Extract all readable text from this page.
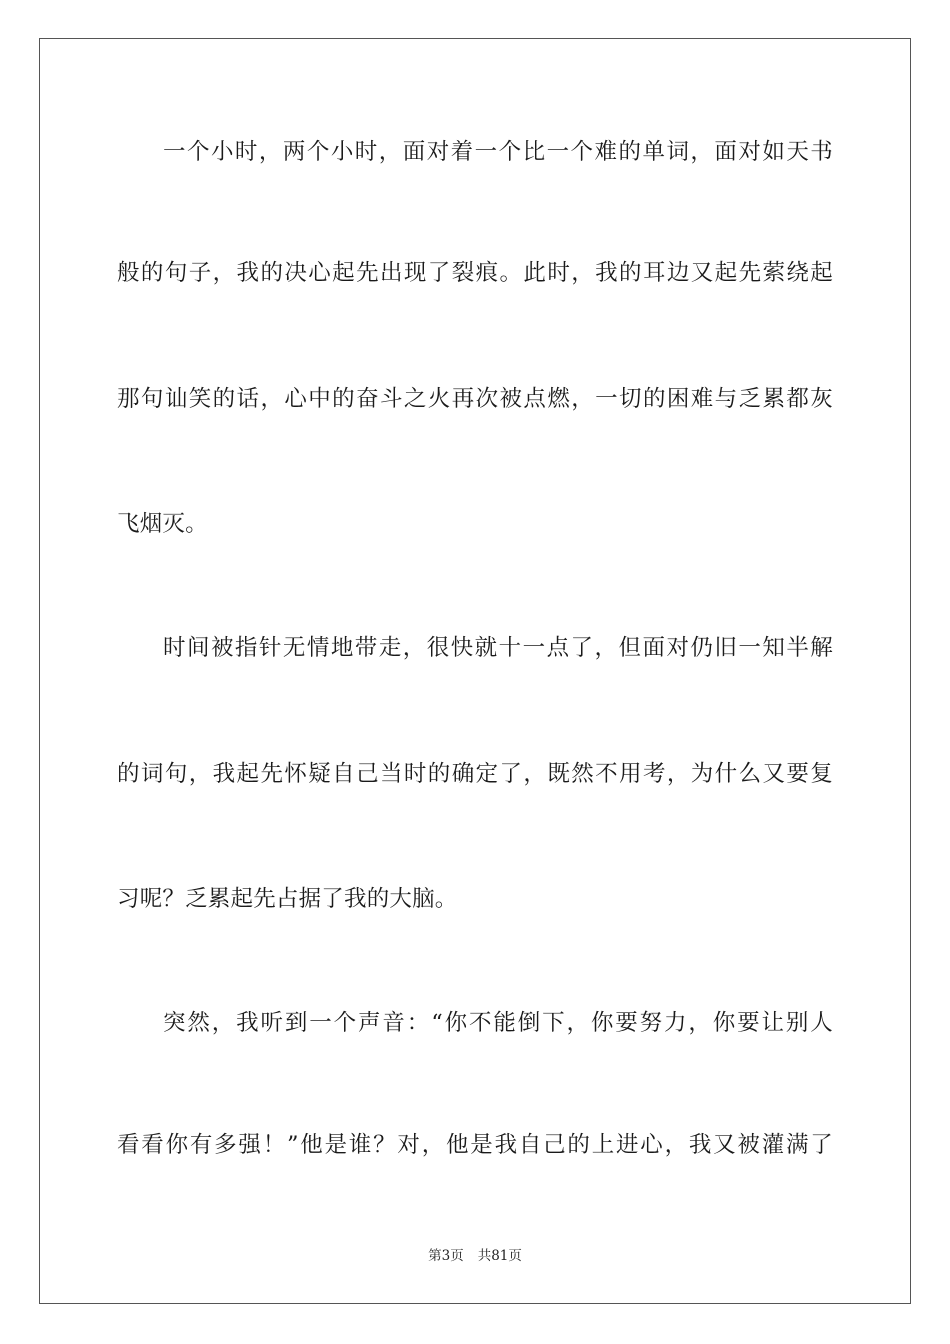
一个小时，两个小时，面对着一个比一个难的单词，面对如天书
般的句子，我的决心起先出现了裂痕。此时，我的耳边又起先萦绕起
那句讪笑的话，心中的奋斗之火再次被点燃，一切的困难与乏累都灰
飞烟灭。
时间被指针无情地带走，很快就十一点了，但面对仍旧一知半解
的词句，我起先怀疑自己当时的确定了，既然不用考，为什么又要复
习呢？乏累起先占据了我的大脑。
突然，我听到一个声音：“你不能倒下，你要努力，你要让别人
看看你有多强！”他是谁？对，他是我自己的上进心，我又被灌满了
第3页 共81页
